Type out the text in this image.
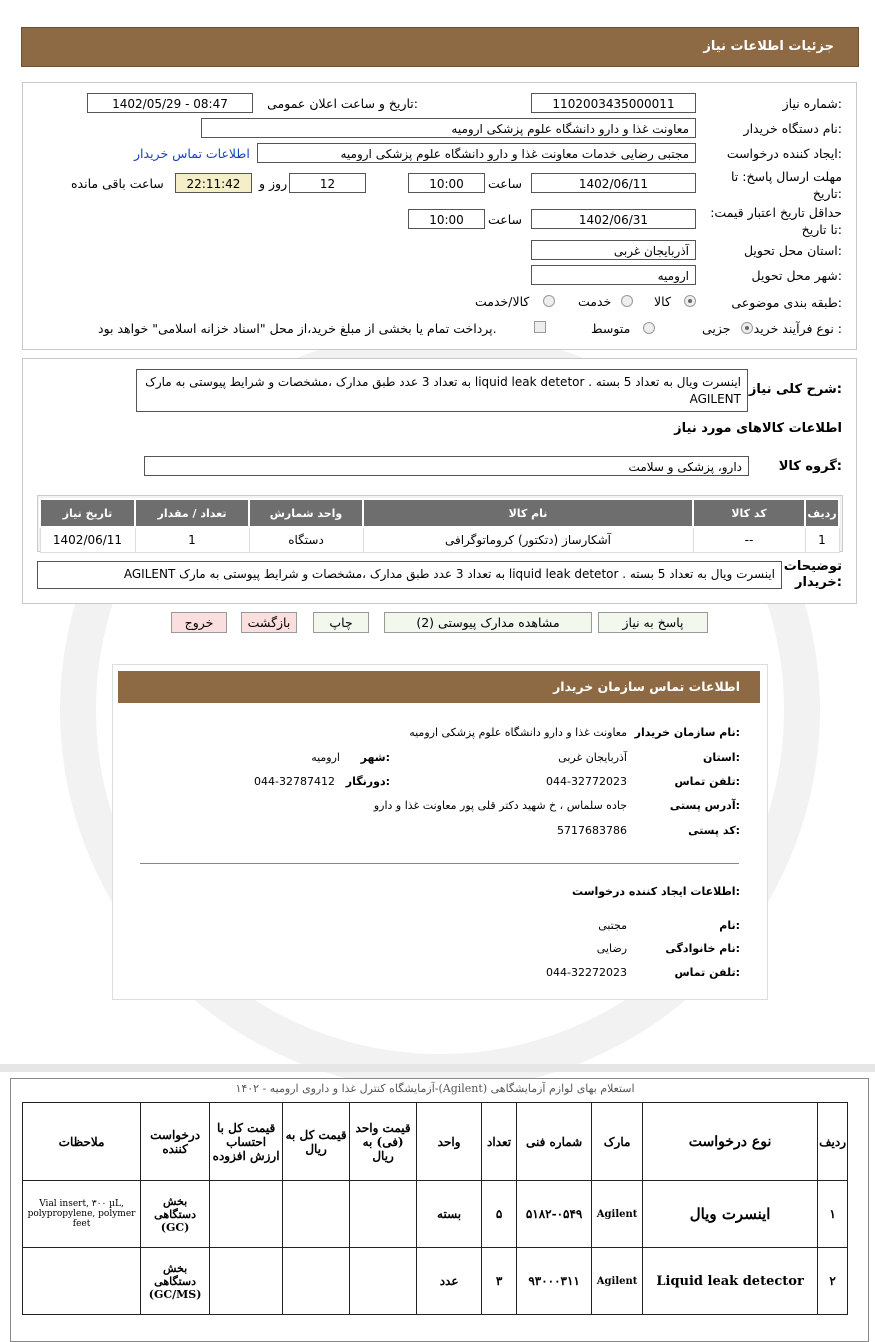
جزئیات اطلاعات نیاز
شماره نیاز:
1102003435000011
تاریخ و ساعت اعلان عمومی:
1402/05/29 - 08:47
نام دستگاه خریدار:
معاونت غذا و دارو دانشگاه علوم پزشکی ارومیه
ایجاد کننده درخواست:
مجتبی رضایی خدمات معاونت غذا و دارو دانشگاه علوم پزشکی ارومیه
اطلاعات تماس خریدار
مهلت ارسال پاسخ: تا تاریخ:
1402/06/11
ساعت
10:00
12
روز و
22:11:42
ساعت باقی مانده
حداقل تاریخ اعتبار قیمت: تا تاریخ:
1402/06/31
ساعت
10:00
استان محل تحویل:
آذربایجان غربی
شهر محل تحویل:
ارومیه
طبقه بندی موضوعی:
کالا
خدمت
کالا/خدمت
نوع فرآیند خرید :
جزیی
متوسط
پرداخت تمام یا بخشی از مبلغ خرید،از محل "اسناد خزانه اسلامی" خواهد بود.
شرح کلی نیاز:
اینسرت ویال به تعداد 5 بسته . liquid leak detetor به تعداد 3 عدد طبق مدارک ،مشخصات و شرایط پیوستی به مارک AGILENT
اطلاعات کالاهای مورد نیاز
گروه کالا:
دارو، پزشکی و سلامت
ردیف	کد کالا	نام کالا	واحد شمارش	تعداد / مقدار	تاریخ نیاز
1	--	آشکارساز (دتکتور) کروماتوگرافی	دستگاه	1	1402/06/11
توضیحات خریدار:
اینسرت ویال به تعداد 5 بسته . liquid leak detetor به تعداد 3 عدد طبق مدارک ،مشخصات و شرایط پیوستی به مارک AGILENT
پاسخ به نیاز
مشاهده مدارک پیوستی (2)
چاپ
بازگشت
خروج
اطلاعات تماس سازمان خریدار
نام سازمان خریدار:
معاونت غذا و دارو دانشگاه علوم پزشکی ارومیه
استان:
آذربایجان غربی
شهر:
ارومیه
تلفن تماس:
044-32772023
دورنگار:
044-32787412
آدرس پستی:
جاده سلماس ، خ شهید دکتر قلی پور معاونت غذا و دارو
کد پستی:
5717683786
اطلاعات ایجاد کننده درخواست:
نام:
مجتبی
نام خانوادگی:
رضایی
تلفن تماس:
044-32272023
استعلام بهای لوازم آزمایشگاهی (Agilent)-آزمایشگاه کنترل غذا و داروی ارومیه - ۱۴۰۲
ردیف	نوع درخواست	مارک	شماره فنی	تعداد	واحد	قیمت واحد (فی) به ریال	قیمت کل به ریال	قیمت کل با احتساب ارزش افزوده	درخواست کننده	ملاحظات
۱	اینسرت ویال	Agilent	۵۱۸۲-۰۵۴۹	۵	بسته				بخش دستگاهی (GC)	Vial insert, ۳۰۰ µL, polypropylene, polymer feet
۲	Liquid leak detector	Agilent	۹۳۰۰۰۳۱۱	۳	عدد				بخش دستگاهی (GC/MS)	
